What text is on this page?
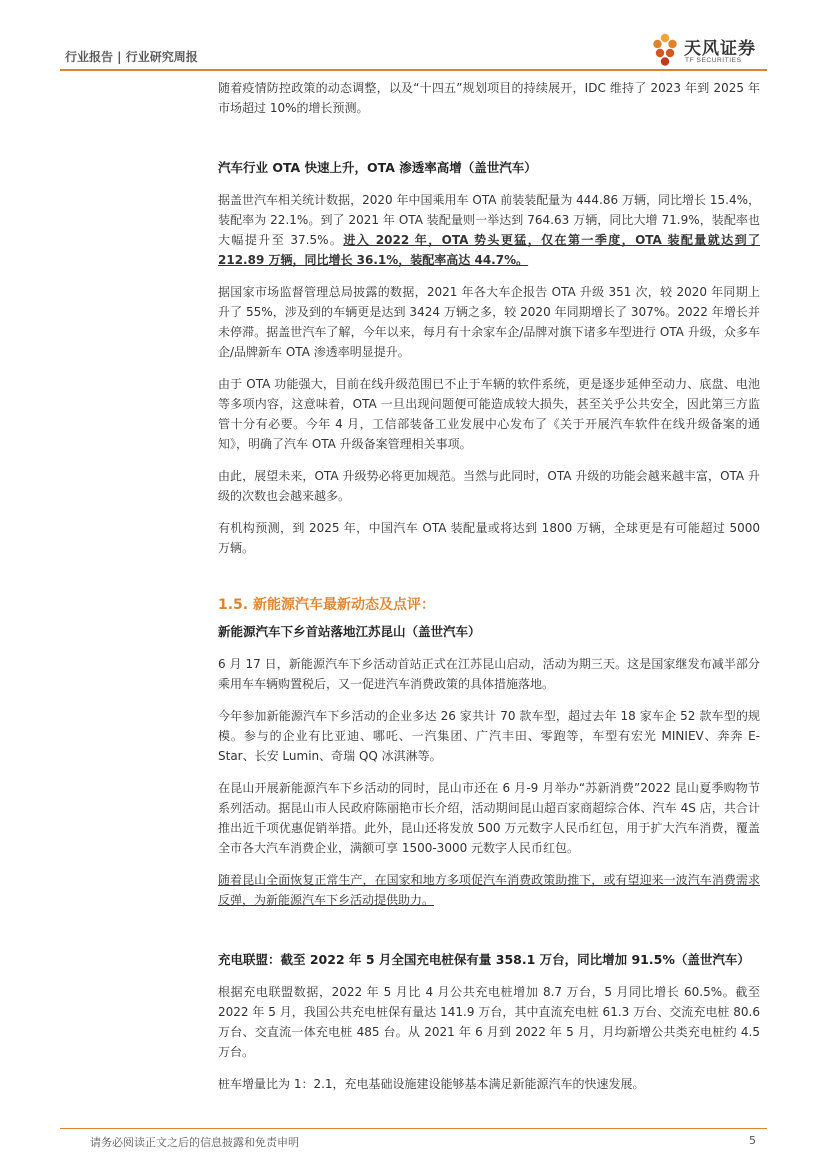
行业报告 | 行业研究周报	天风证券
TF SECURITIES

随着疫情防控政策的动态调整，以及“十四五”规划项目的持续展开，IDC 维持了 2023 年到 2025 年市场超过 10%的增长预测。

汽车行业 OTA 快速上升，OTA 渗透率高增（盖世汽车）

据盖世汽车相关统计数据，2020 年中国乘用车 OTA 前装装配量为 444.86 万辆，同比增长 15.4%，装配率为 22.1%。到了 2021 年 OTA 装配量则一举达到 764.63 万辆，同比大增 71.9%，装配率也大幅提升至 37.5%。进入 2022 年，OTA 势头更猛，仅在第一季度，OTA 装配量就达到了 212.89 万辆，同比增长 36.1%，装配率高达 44.7%。

据国家市场监督管理总局披露的数据，2021 年各大车企报告 OTA 升级 351 次，较 2020 年同期上升了 55%，涉及到的车辆更是达到 3424 万辆之多，较 2020 年同期增长了 307%。2022 年增长并未停滞。据盖世汽车了解，今年以来，每月有十余家车企/品牌对旗下诸多车型进行 OTA 升级，众多车企/品牌新车 OTA 渗透率明显提升。

由于 OTA 功能强大，目前在线升级范围已不止于车辆的软件系统，更是逐步延伸至动力、底盘、电池等多项内容，这意味着，OTA 一旦出现问题便可能造成较大损失，甚至关乎公共安全，因此第三方监管十分有必要。今年 4 月，工信部装备工业发展中心发布了《关于开展汽车软件在线升级备案的通知》，明确了汽车 OTA 升级备案管理相关事项。

由此，展望未来，OTA 升级势必将更加规范。当然与此同时，OTA 升级的功能会越来越丰富，OTA 升级的次数也会越来越多。

有机构预测，到 2025 年，中国汽车 OTA 装配量或将达到 1800 万辆，全球更是有可能超过 5000 万辆。

1.5. 新能源汽车最新动态及点评：
新能源汽车下乡首站落地江苏昆山（盖世汽车）

6 月 17 日，新能源汽车下乡活动首站正式在江苏昆山启动，活动为期三天。这是国家继发布减半部分乘用车车辆购置税后，又一促进汽车消费政策的具体措施落地。

今年参加新能源汽车下乡活动的企业多达 26 家共计 70 款车型，超过去年 18 家车企 52 款车型的规模。参与的企业有比亚迪、哪吒、一汽集团、广汽丰田、零跑等，车型有宏光 MINIEV、奔奔 E-Star、长安 Lumin、奇瑞 QQ 冰淇淋等。

在昆山开展新能源汽车下乡活动的同时，昆山市还在 6 月-9 月举办“苏新消费”2022 昆山夏季购物节系列活动。据昆山市人民政府陈丽艳市长介绍，活动期间昆山超百家商超综合体、汽车 4S 店，共合计推出近千项优惠促销举措。此外，昆山还将发放 500 万元数字人民币红包，用于扩大汽车消费，覆盖全市各大汽车消费企业，满额可享 1500-3000 元数字人民币红包。

随着昆山全面恢复正常生产，在国家和地方多项促汽车消费政策助推下，或有望迎来一波汽车消费需求反弹，为新能源汽车下乡活动提供助力。

充电联盟：截至 2022 年 5 月全国充电桩保有量 358.1 万台，同比增加 91.5%（盖世汽车）

根据充电联盟数据，2022 年 5 月比 4 月公共充电桩增加 8.7 万台，5 月同比增长 60.5%。截至 2022 年 5 月，我国公共充电桩保有量达 141.9 万台，其中直流充电桩 61.3 万台、交流充电桩 80.6 万台、交直流一体充电桩 485 台。从 2021 年 6 月到 2022 年 5 月，月均新增公共类充电桩约 4.5 万台。

桩车增量比为 1：2.1，充电基础设施建设能够基本满足新能源汽车的快速发展。

请务必阅读正文之后的信息披露和免责申明	5
